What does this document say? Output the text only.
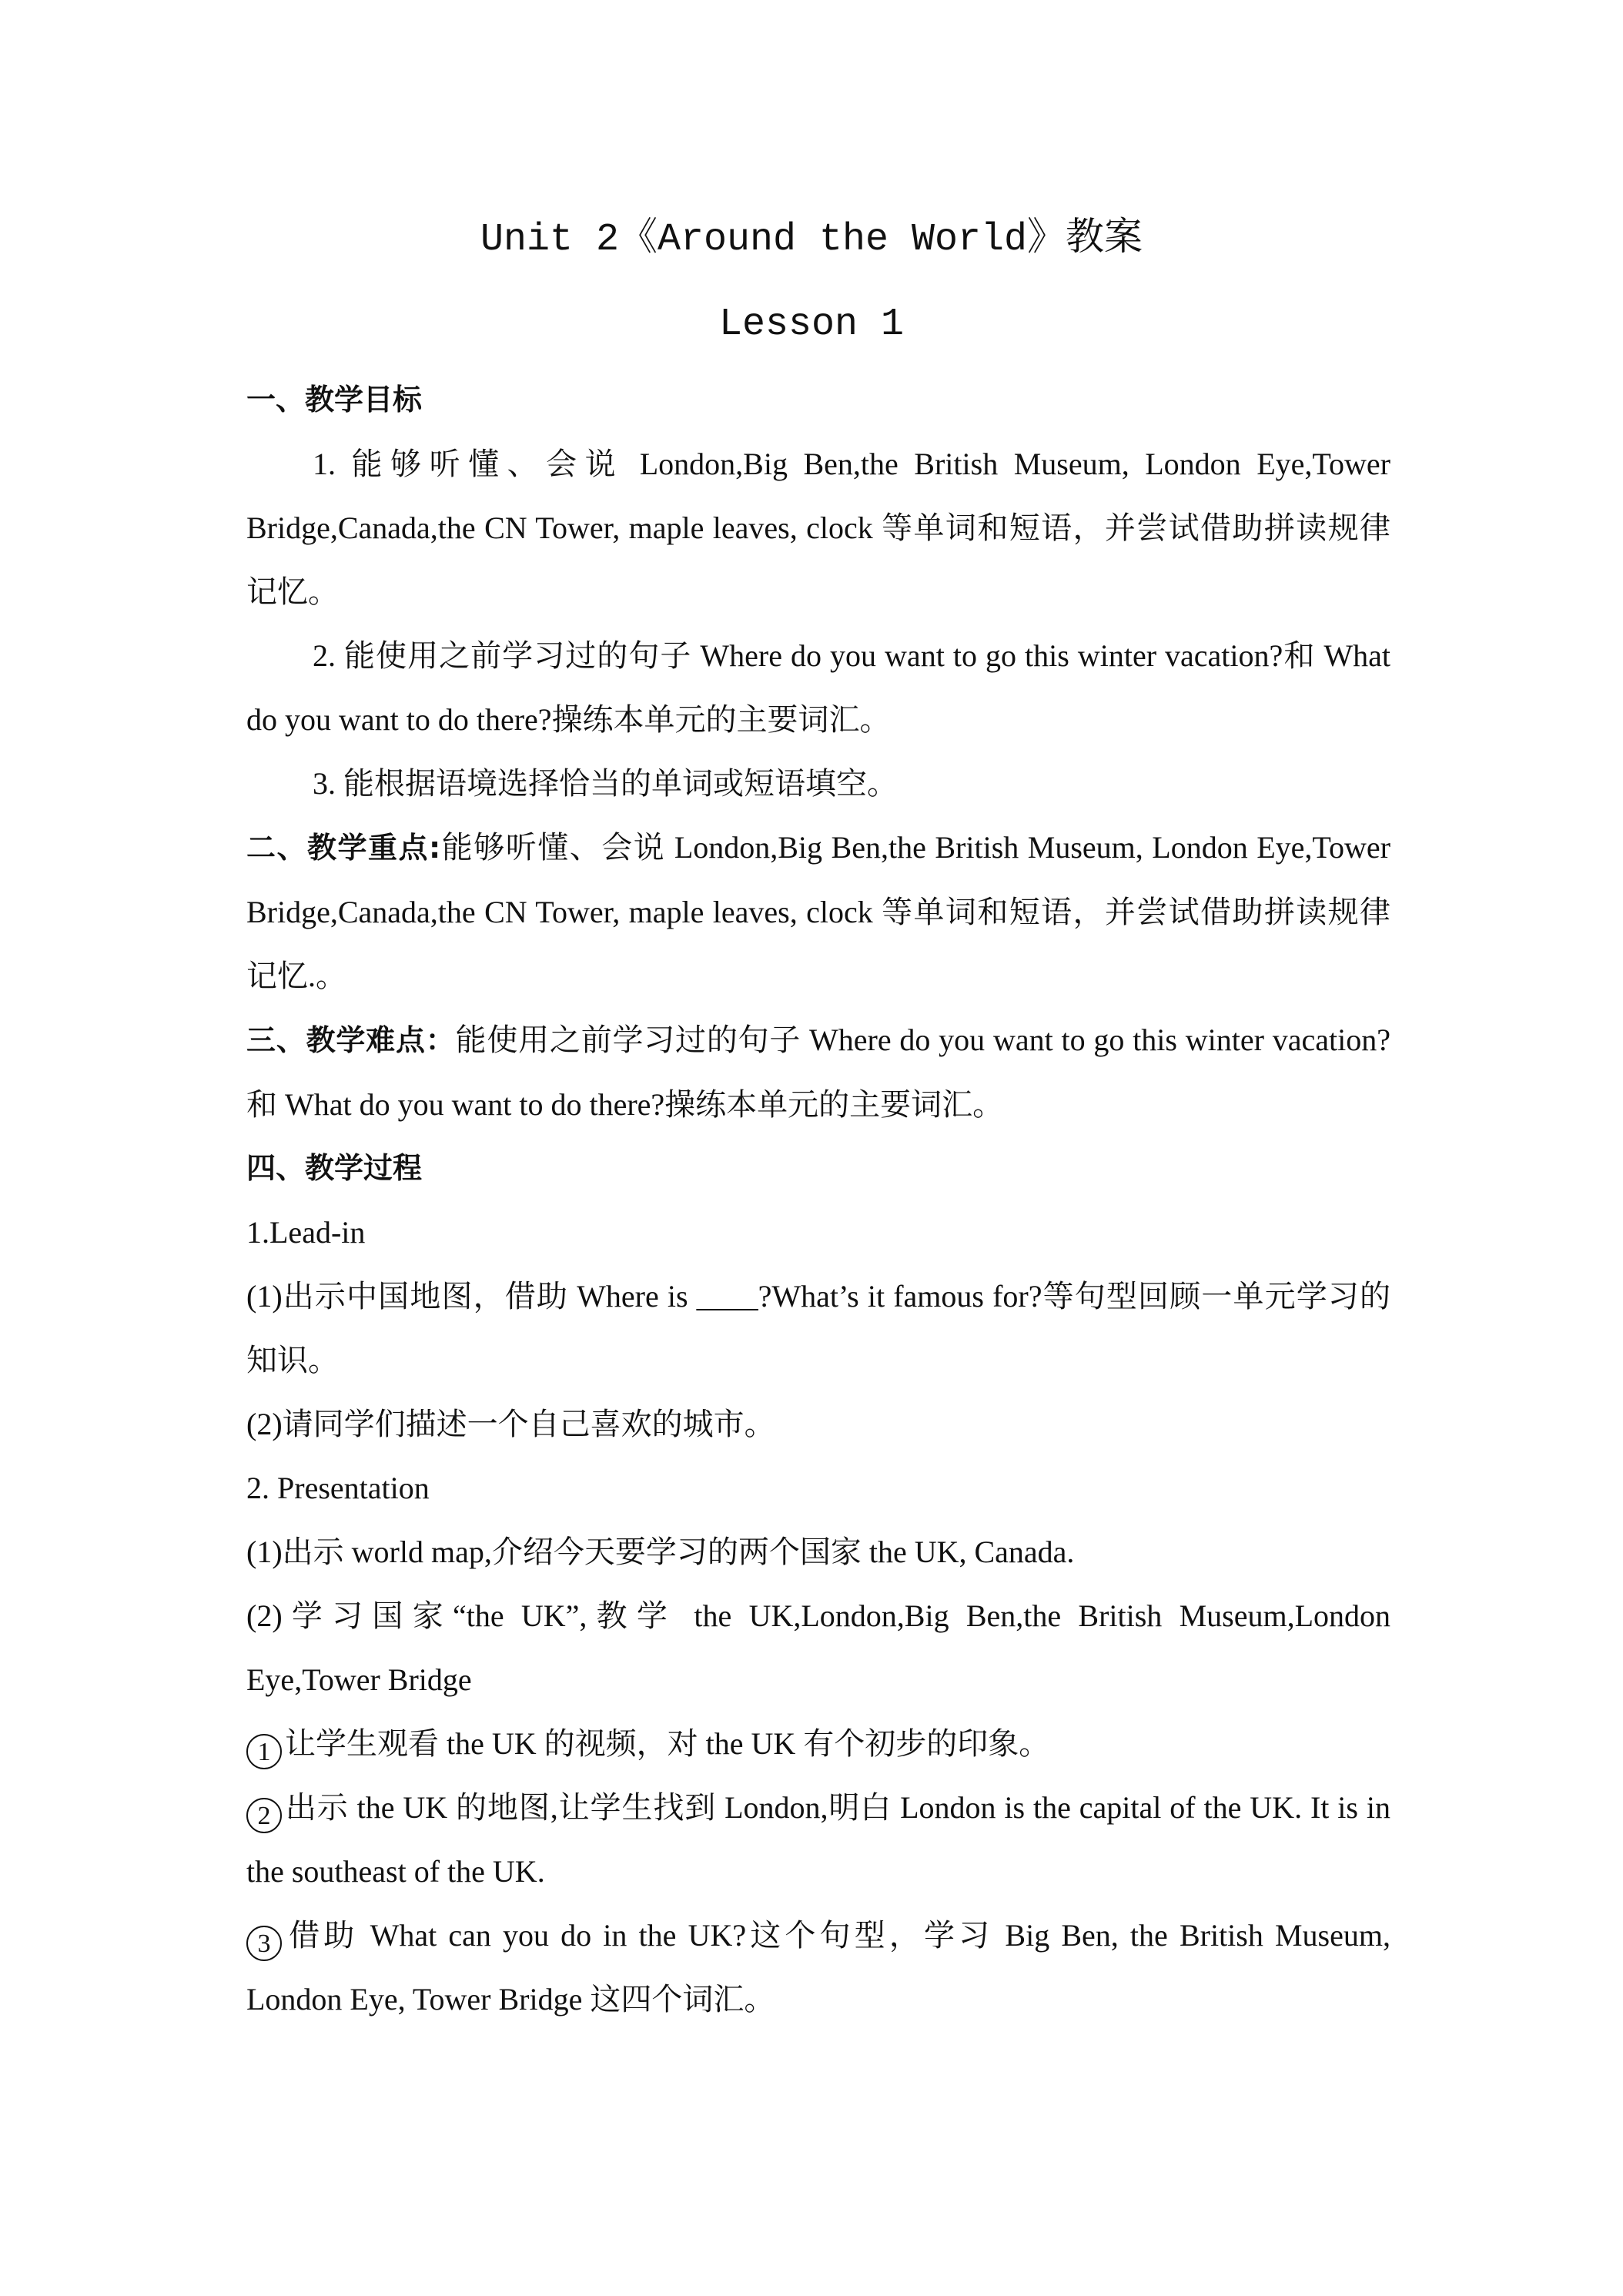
Unit 2《Around the World》教案
Lesson 1

一、教学目标

1. 能够听懂、会说 London,Big Ben,the British Museum, London Eye,Tower Bridge,Canada,the CN Tower, maple leaves, clock 等单词和短语，并尝试借助拼读规律记忆。

2. 能使用之前学习过的句子 Where do you want to go this winter vacation?和 What do you want to do there?操练本单元的主要词汇。

3. 能根据语境选择恰当的单词或短语填空。

二、教学重点:能够听懂、会说 London,Big Ben,the British Museum, London Eye,Tower Bridge,Canada,the CN Tower, maple leaves, clock 等单词和短语，并尝试借助拼读规律记忆.。

三、教学难点：能使用之前学习过的句子 Where do you want to go this winter vacation?和 What do you want to do there?操练本单元的主要词汇。

四、教学过程

1.Lead-in

(1)出示中国地图，借助 Where is ____?What’s it famous for?等句型回顾一单元学习的知识。

(2)请同学们描述一个自己喜欢的城市。

2. Presentation

(1)出示 world map,介绍今天要学习的两个国家 the UK, Canada.

(2)学习国家“the UK”,教学 the UK,London,Big Ben,the British Museum,London Eye,Tower Bridge

1 让学生观看 the UK 的视频，对 the UK 有个初步的印象。

2 出示 the UK 的地图,让学生找到 London,明白 London is the capital of the UK. It is in the southeast of the UK.

3 借助 What can you do in the UK?这个句型，学习 Big Ben, the British Museum, London Eye, Tower Bridge 这四个词汇。
